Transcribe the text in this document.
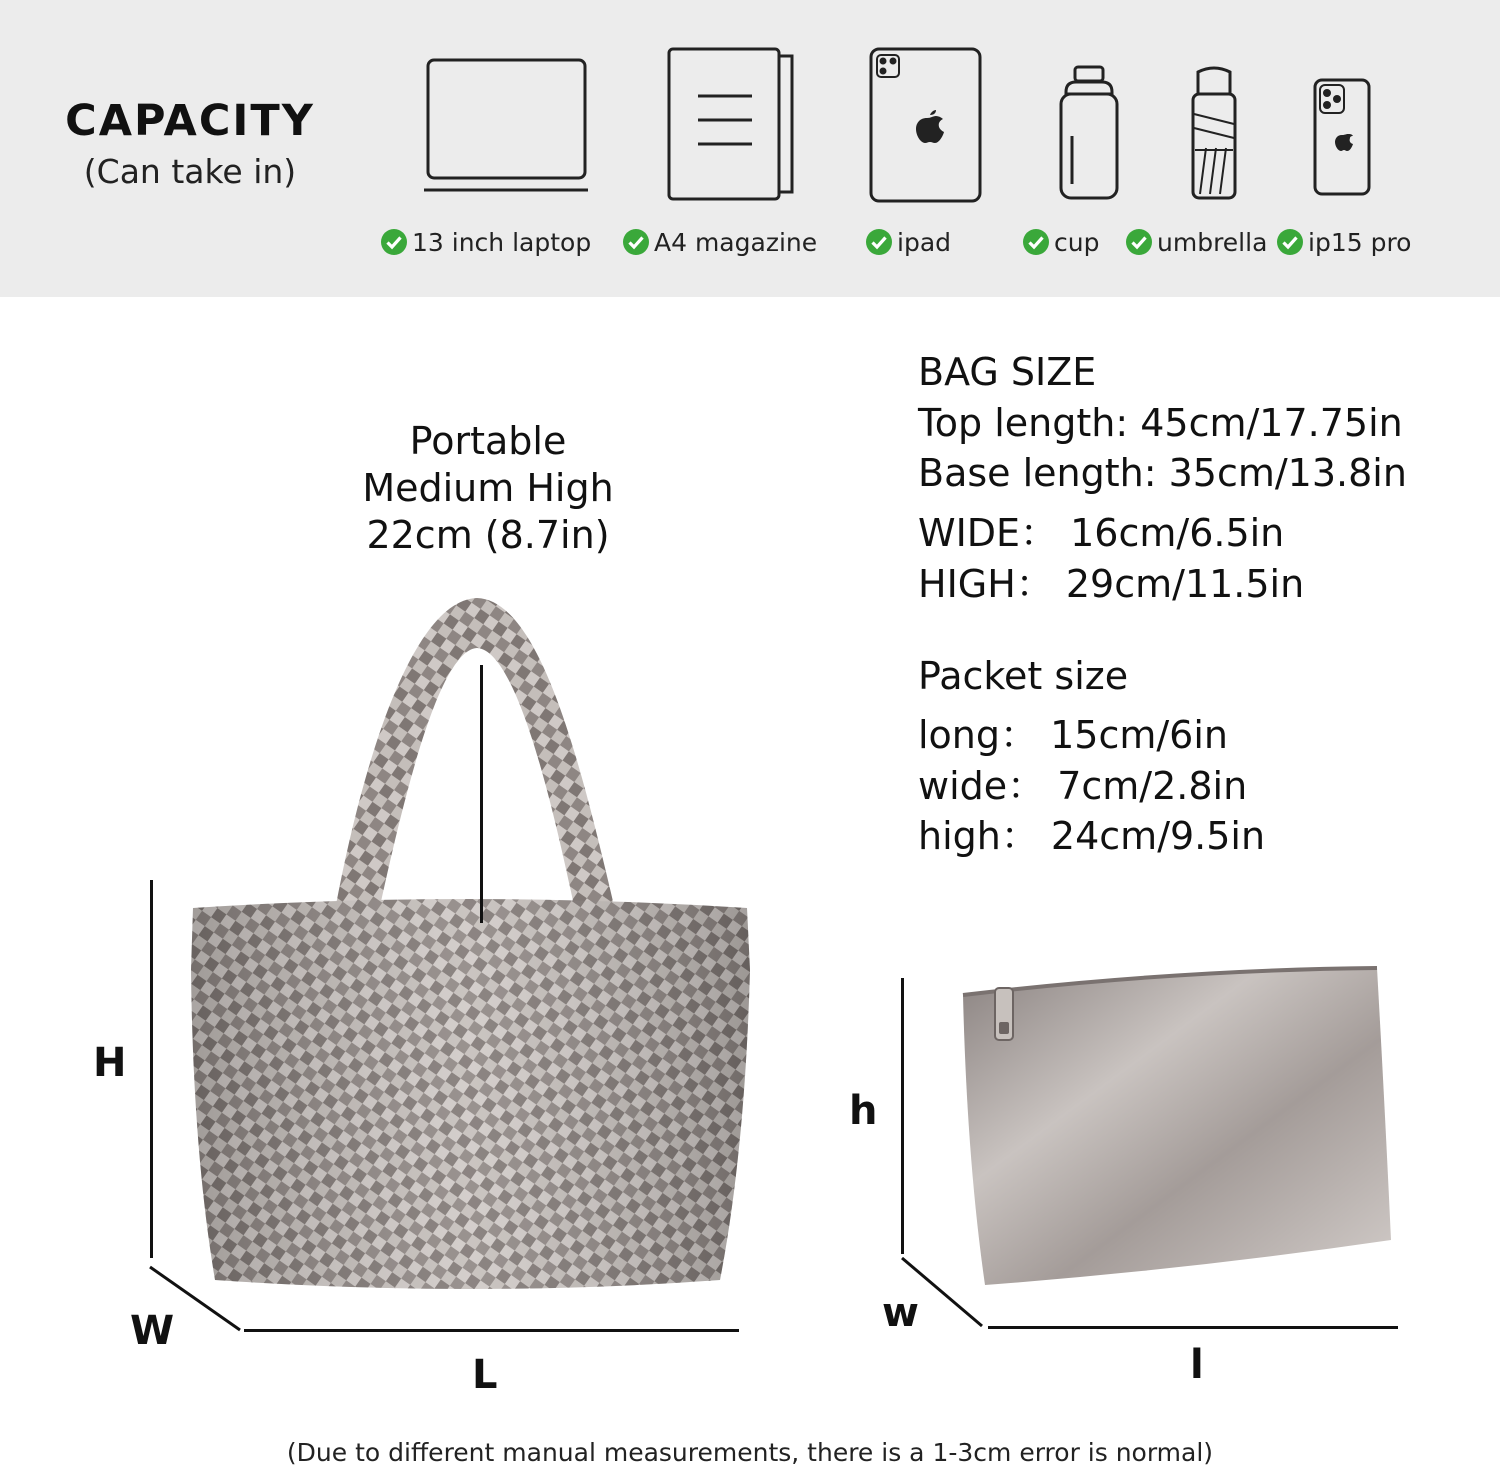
CAPACITY
(Can take in)
13 inch laptop	A4 magazine	ipad	cup umbrella ip15 pro
Portable
Medium High
22cm (8.7in)
BAG SIZE
Top length: 45cm/17.75in
Base length: 35cm/13.8in
WIDE： 16cm/6.5in
HIGH： 29cm/11.5in
Packet size
long： 15cm/6in
wide： 7cm/2.8in
high： 24cm/9.5in
H
W
L
h
w
l
(Due to different manual measurements, there is a 1-3cm error is normal)
